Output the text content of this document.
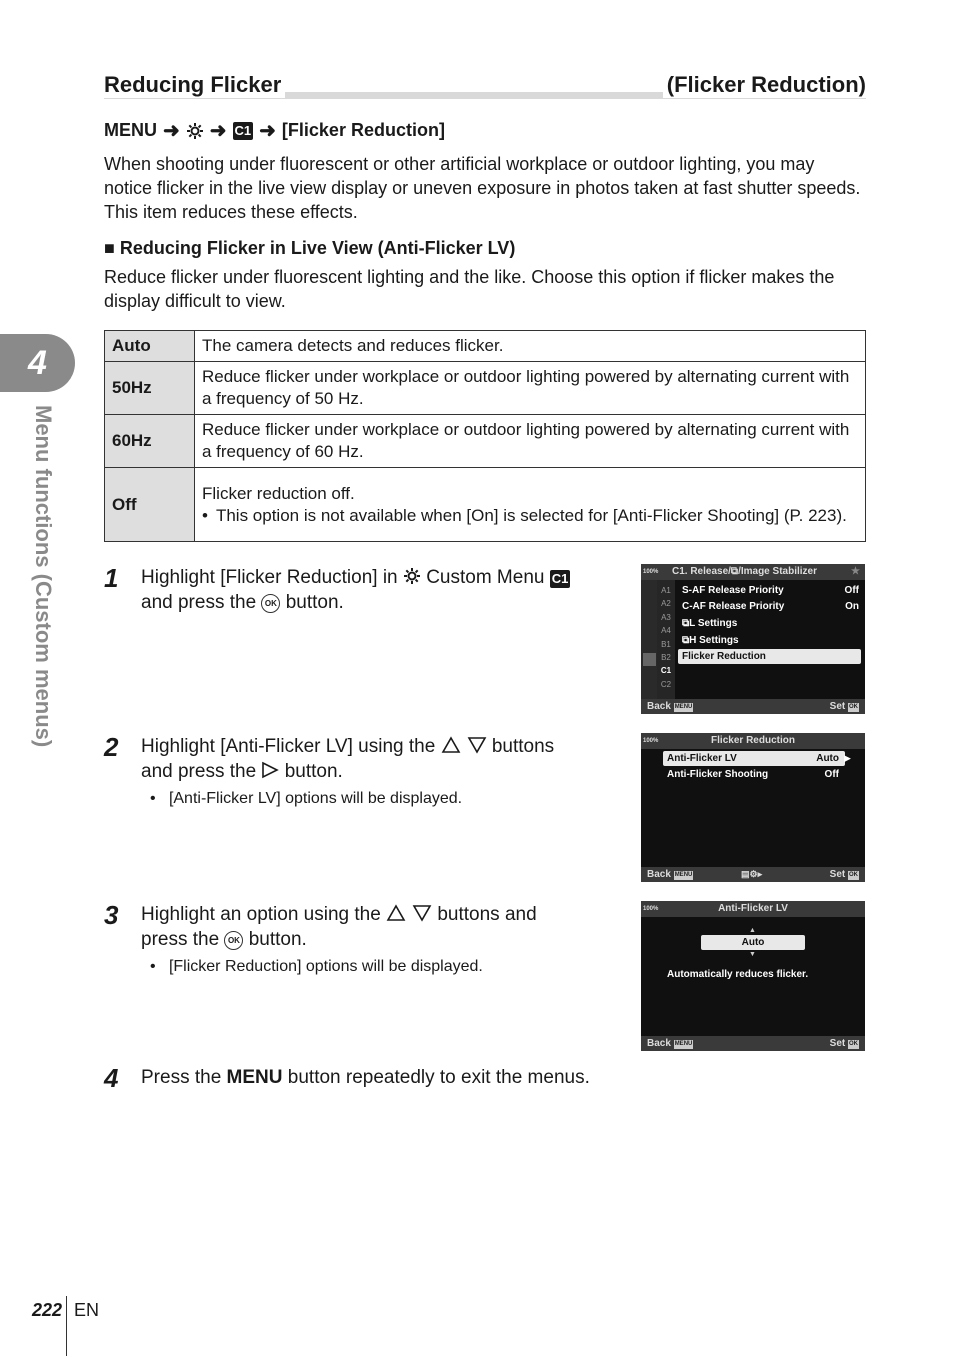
4
Menu functions (Custom menus)
Reducing Flicker	(Flicker Reduction)
MENU ➜ ➜ C1 ➜ [Flicker Reduction]
When shooting under fluorescent or other artificial workplace or outdoor lighting, you may notice flicker in the live view display or uneven exposure in photos taken at fast shutter speeds. This item reduces these effects.
■ Reducing Flicker in Live View (Anti-Flicker LV)
Reduce flicker under fluorescent lighting and the like. Choose this option if flicker makes the display difficult to view.
Auto	The camera detects and reduces flicker.
50Hz	Reduce flicker under workplace or outdoor lighting powered by alternating current with a frequency of 50 Hz.
60Hz	Reduce flicker under workplace or outdoor lighting powered by alternating current with a frequency of 60 Hz.
Off	Flicker reduction off.
• This option is not available when [On] is selected for [Anti-Flicker Shooting] (P. 223).
1 Highlight [Flicker Reduction] in Custom Menu C1
and press the OK button.
2 Highlight [Anti-Flicker LV] using the	buttons
and press the button.
•   [Anti-Flicker LV] options will be displayed.
3 Highlight an option using the	buttons and
press the OK button.
•   [Flicker Reduction] options will be displayed.
4 Press the MENU button repeatedly to exit the menus.
100% C1. Release/⧉/Image Stabilizer	★
A1
A2
A3
A4
B1
B2
C1
C2
S-AF Release Priority	Off
C-AF Release Priority	On
⧉L Settings
⧉H Settings
Flicker Reduction
Back MENU	Set OK
100%	Flicker Reduction
Anti-Flicker LV	Auto ▶
Anti-Flicker Shooting	Off
Back MENU	▤⚙▸	Set OK
100%	Anti-Flicker LV
▲
Auto
▼
Automatically reduces flicker.
Back MENU	Set OK
222 EN
